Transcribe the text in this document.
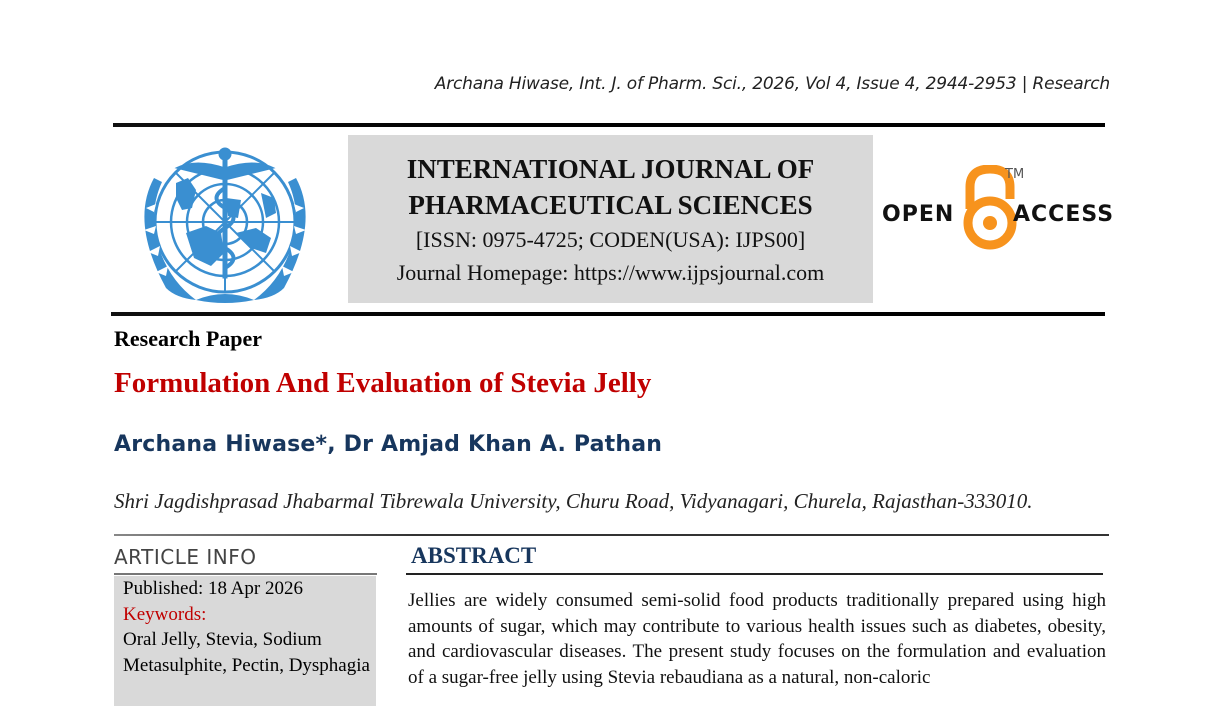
Archana Hiwase, Int. J. of Pharm. Sci., 2026, Vol 4, Issue 4, 2944-2953 | Research
INTERNATIONAL JOURNAL OF
PHARMACEUTICAL SCIENCES
[ISSN: 0975-4725; CODEN(USA): IJPS00]
Journal Homepage: https://www.ijpsjournal.com
OPEN
TM
ACCESS
Research Paper
Formulation And Evaluation of Stevia Jelly
Archana Hiwase*, Dr Amjad Khan A. Pathan
Shri Jagdishprasad Jhabarmal Tibrewala University, Churu Road, Vidyanagari, Churela, Rajasthan-333010.
ARTICLE INFO
Published: 18 Apr 2026
Keywords:
Oral Jelly, Stevia, Sodium Metasulphite, Pectin, Dysphagia
ABSTRACT
Jellies are widely consumed semi-solid food products traditionally prepared using high amounts of sugar, which may contribute to various health issues such as diabetes, obesity, and cardiovascular diseases. The present study focuses on the formulation and evaluation of a sugar-free jelly using Stevia rebaudiana as a natural, non-caloric
